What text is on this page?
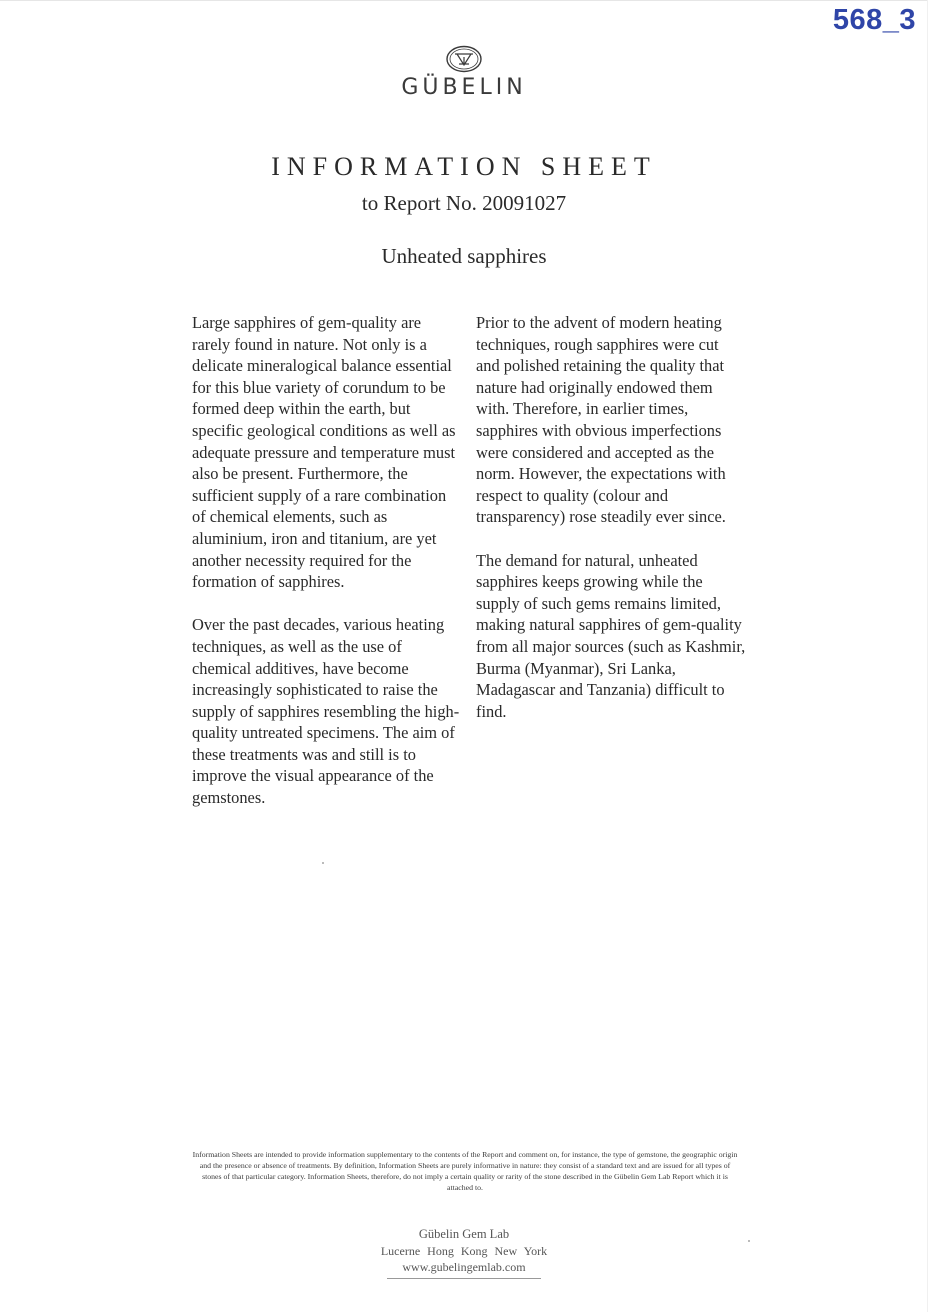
568_3
GÜBELIN
INFORMATION SHEET
to Report No. 20091027
Unheated sapphires

Large sapphires of gem-quality are rarely found in nature. Not only is a delicate mineralogical balance essential for this blue variety of corundum to be formed deep within the earth, but specific geological conditions as well as adequate pressure and temperature must also be present. Furthermore, the sufficient supply of a rare combination of chemical elements, such as aluminium, iron and titanium, are yet another necessity required for the formation of sapphires.

Over the past decades, various heating techniques, as well as the use of chemical additives, have become increasingly sophisticated to raise the supply of sapphires resembling the high-quality untreated specimens. The aim of these treatments was and still is to improve the visual appearance of the gemstones.

Prior to the advent of modern heating techniques, rough sapphires were cut and polished retaining the quality that nature had originally endowed them with. Therefore, in earlier times, sapphires with obvious imperfections were considered and accepted as the norm. However, the expectations with respect to quality (colour and transparency) rose steadily ever since.

The demand for natural, unheated sapphires keeps growing while the supply of such gems remains limited, making natural sapphires of gem-quality from all major sources (such as Kashmir, Burma (Myanmar), Sri Lanka, Madagascar and Tanzania) difficult to find.

Information Sheets are intended to provide information supplementary to the contents of the Report and comment on, for instance, the type of gemstone, the geographic origin and the presence or absence of treatments. By definition, Information Sheets are purely informative in nature: they consist of a standard text and are issued for all types of stones of that particular category. Information Sheets, therefore, do not imply a certain quality or rarity of the stone described in the Gübelin Gem Lab Report which it is attached to.
Gübelin Gem Lab
Lucerne Hong Kong New York
www.gubelingemlab.com
